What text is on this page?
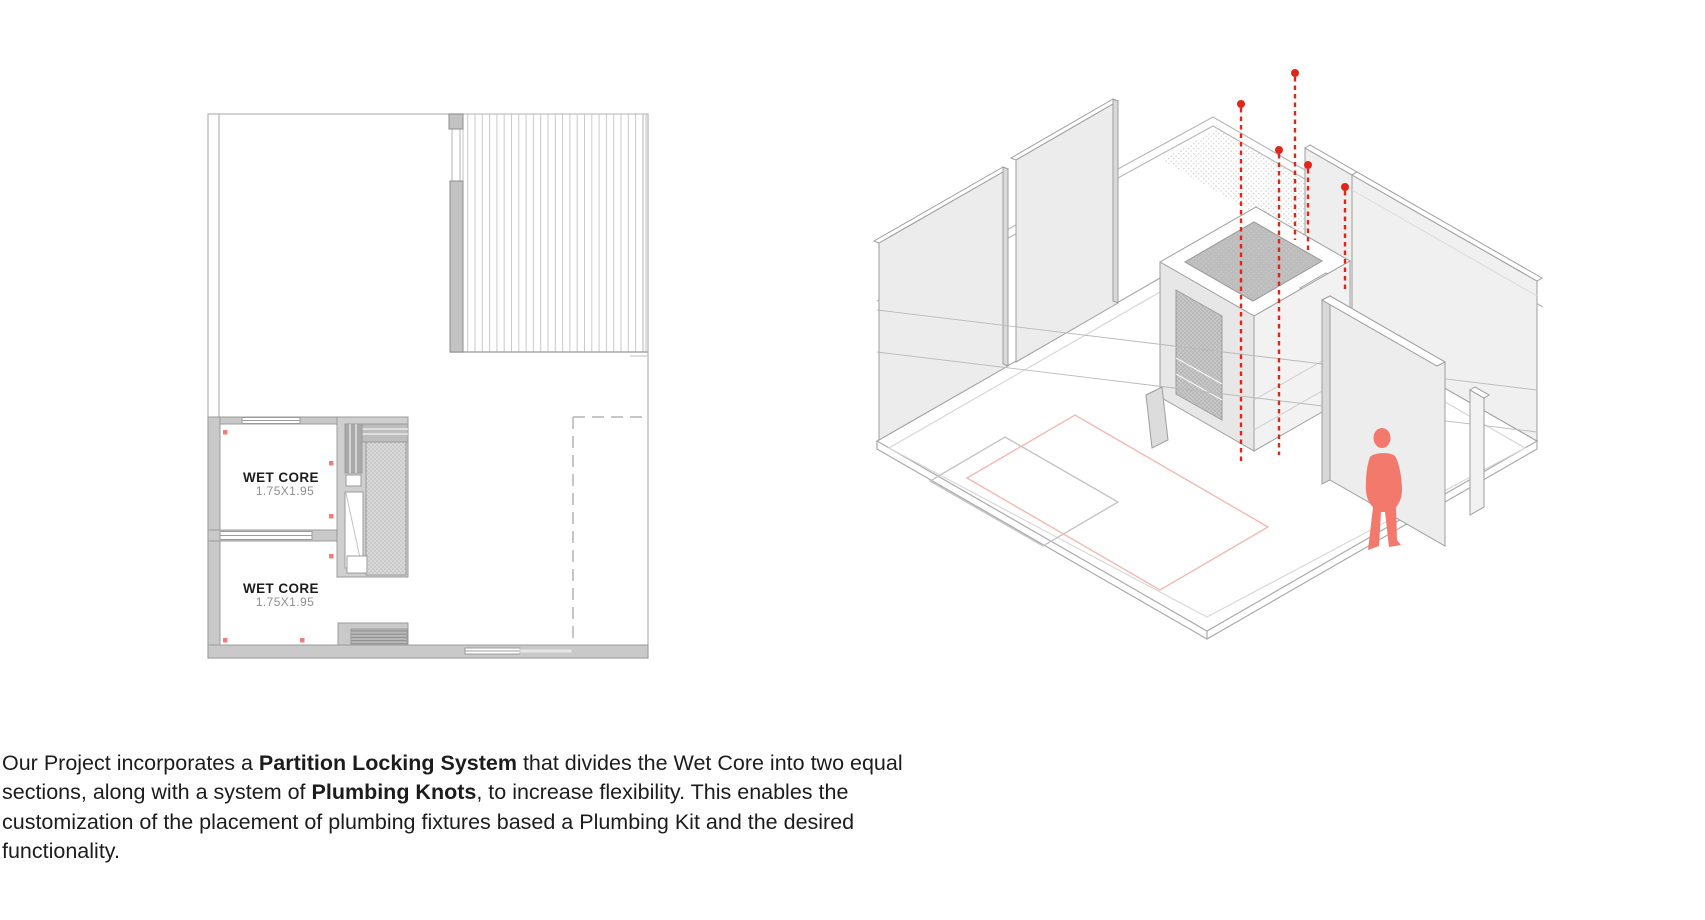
WET CORE
1.75X1.95
WET CORE
1.75X1.95

Our Project incorporates a Partition Locking System that divides the Wet Core into two equal sections, along with a system of Plumbing Knots, to increase flexibility. This enables the customization of the placement of plumbing fixtures based a Plumbing Kit and the desired functionality.
